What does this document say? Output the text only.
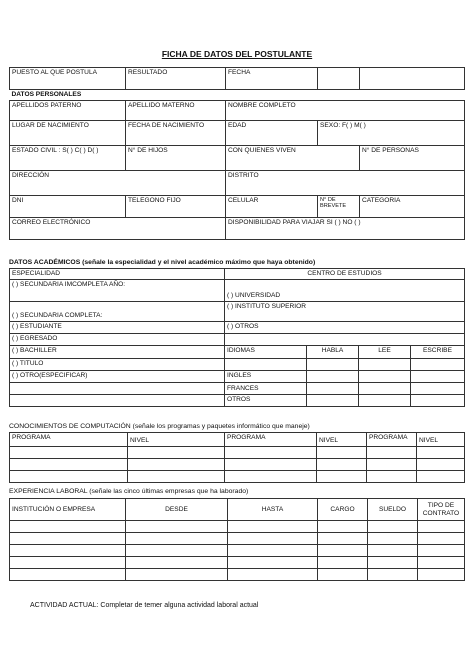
FICHA DE DATOS DEL POSTULANTE
PUESTO AL QUE POSTULA	RESULTADO	FECHA		
DATOS PERSONALES				
APELLIDOS PATERNO	APELLIDO MATERNO	NOMBRE COMPLETO		
LUGAR DE NACIMIENTO	FECHA DE NACIMIENTO	EDAD	SEXO: F( ) M( )	
ESTADO CIVIL : S( ) C( ) D( )	N° DE HIJOS	CON QUIENES VIVEN		N° DE PERSONAS
DIRECCIÓN		DISTRITO		
DNI	TELEGONO FIJO	CELULAR	N° DE BREVETE	CATEGORIA
CORREO ELECTRÓNICO		DISPONIBILIDAD PARA VIAJAR SI ( ) NO ( )		
DATOS ACADÉMICOS (señale la especialidad y el nivel académico máximo que haya obtenido)
ESPECIALIDAD	CENTRO DE ESTUDIOS			
( ) SECUNDARIA IMCOMPLETA AÑO:	( ) UNIVERSIDAD			
( ) SECUNDARIA COMPLETA:	( ) INSTITUTO SUPERIOR			
( ) ESTUDIANTE	( ) OTROS			
( ) EGRESADO				
( ) BACHILLER	IDIOMAS	HABLA	LEE	ESCRIBE
( ) TITULO				
( ) OTRO(ESPECIFICAR)	INGLES			
	FRANCES			
	OTROS			
CONOCIMIENTOS DE COMPUTACIÓN (señale los programas y paquetes informático que maneje)
PROGRAMA	NIVEL	PROGRAMA	NIVEL	PROGRAMA	NIVEL

EXPERIENCIA LABORAL (señale las cinco últimas empresas que ha laborado)
INSTITUCIÓN O EMPRESA	DESDE	HASTA	CARGO	SUELDO	TIPO DE CONTRATO

ACTIVIDAD ACTUAL: Completar de temer alguna actividad laboral actual
